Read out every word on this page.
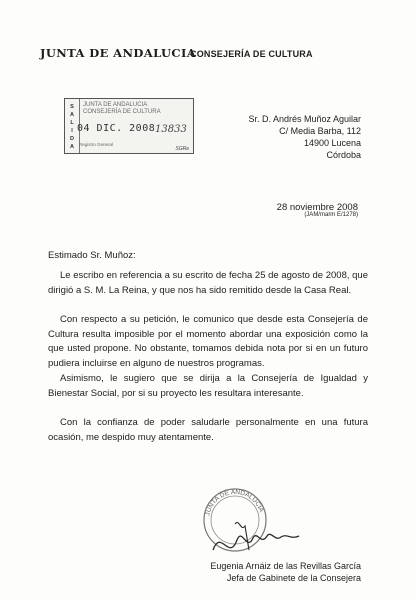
JUNTA DE ANDALUCIA
CONSEJERÍA DE CULTURA
S
A
L
I
D
A
JUNTA DE ANDALUCIA
CONSEJERÍA DE CULTURA
04 DIC. 2008 13833
Registro General
SGRe
Sr. D. Andrés Muñoz Aguilar
C/ Media Barba, 112
14900 Lucena
Córdoba
28 noviembre 2008
(JAM/marm E/1278)
Estimado Sr. Muñoz:
Le escribo en referencia a su escrito de fecha 25 de agosto de 2008, que dirigió a S. M. La Reina, y que nos ha sido remitido desde la Casa Real.
Con respecto a su petición, le comunico que desde esta Consejería de Cultura resulta imposible por el momento abordar una exposición como la que usted propone. No obstante, tomamos debida nota por si en un futuro pudiera incluirse en alguno de nuestros programas.
Asimismo, le sugiero que se dirija a la Consejería de Igualdad y Bienestar Social, por si su proyecto les resultara interesante.
Con la confianza de poder saludarle personalmente en una futura ocasión, me despido muy atentamente.
JUNTA DE ANDALUCIA
Eugenia Arnáiz de las Revillas García
Jefa de Gabinete de la Consejera
